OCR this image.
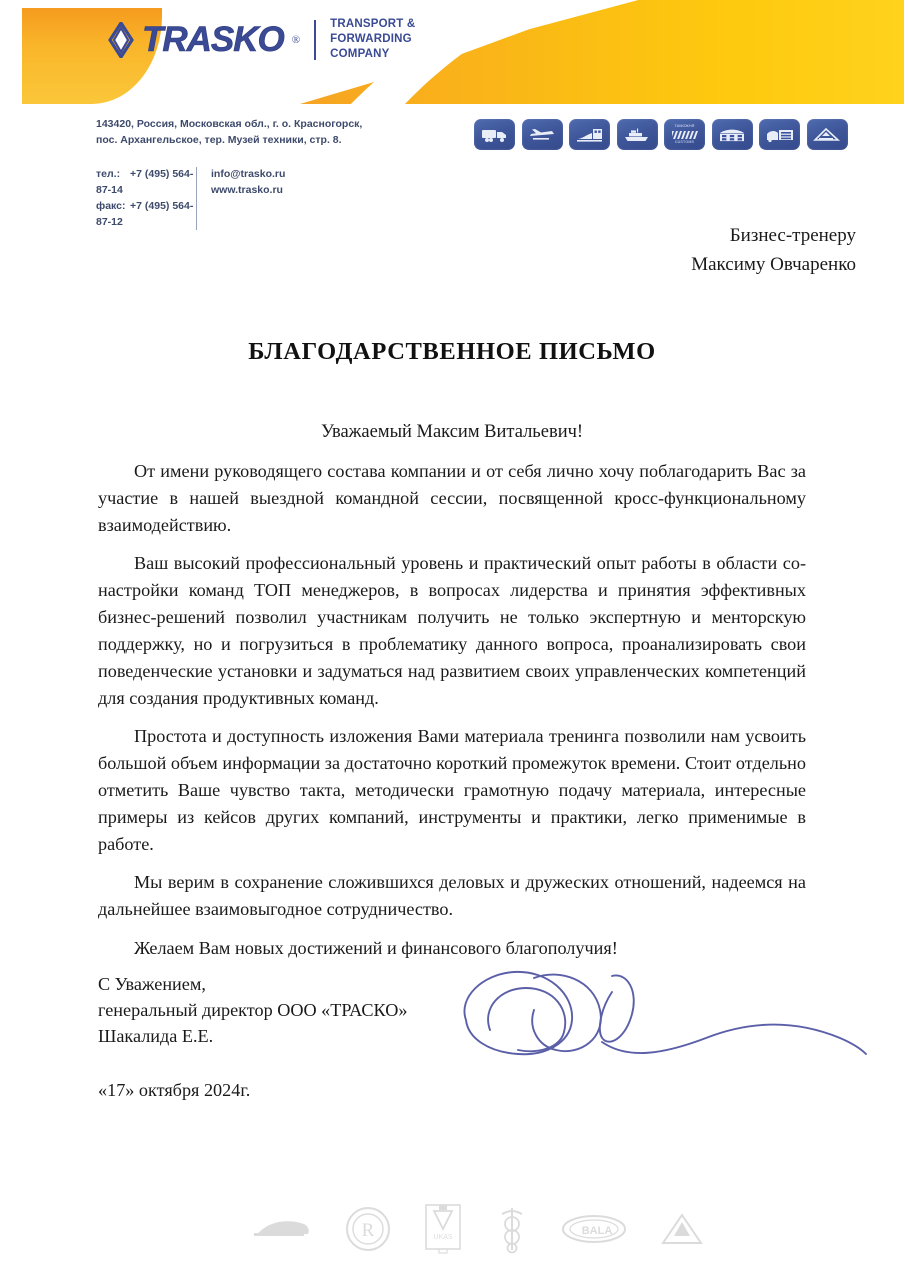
TRASKO ®
TRANSPORT &
FORWARDING
COMPANY
143420, Россия, Московская обл., г. о. Красногорск,
пос. Архангельское, тер. Музей техники, стр. 8.
тел.: +7 (495) 564-87-14
факс: +7 (495) 564-87-12
info@trasko.ru
www.trasko.ru
ТАМОЖНЯ
CUSTOMS
Бизнес-тренеру
Максиму Овчаренко
БЛАГОДАРСТВЕННОЕ ПИСЬМО
Уважаемый Максим Витальевич!

От имени руководящего состава компании и от себя лично хочу поблагодарить Вас за участие в нашей выездной командной сессии, посвященной кросс-функциональному взаимодействию.

Ваш высокий профессиональный уровень и практический опыт работы в области со-настройки команд ТОП менеджеров, в вопросах лидерства и принятия эффективных бизнес-решений позволил участникам получить не только экспертную и менторскую поддержку, но и погрузиться в проблематику данного вопроса, проанализировать свои поведенческие установки и задуматься над развитием своих управленческих компетенций для создания продуктивных команд.

Простота и доступность изложения Вами материала тренинга позволили нам усвоить большой объем информации за достаточно короткий промежуток времени. Стоит отдельно отметить Ваше чувство такта, методически грамотную подачу материала, интересные примеры из кейсов других компаний, инструменты и практики, легко применимые в работе.

Мы верим в сохранение сложившихся деловых и дружеских отношений, надеемся на дальнейшее взаимовыгодное сотрудничество.

Желаем Вам новых достижений и финансового благополучия!

С Уважением,
генеральный директор ООО «ТРАСКО»
Шакалида Е.Е.
«17» октября 2024г.
R	UKAS
BALA
